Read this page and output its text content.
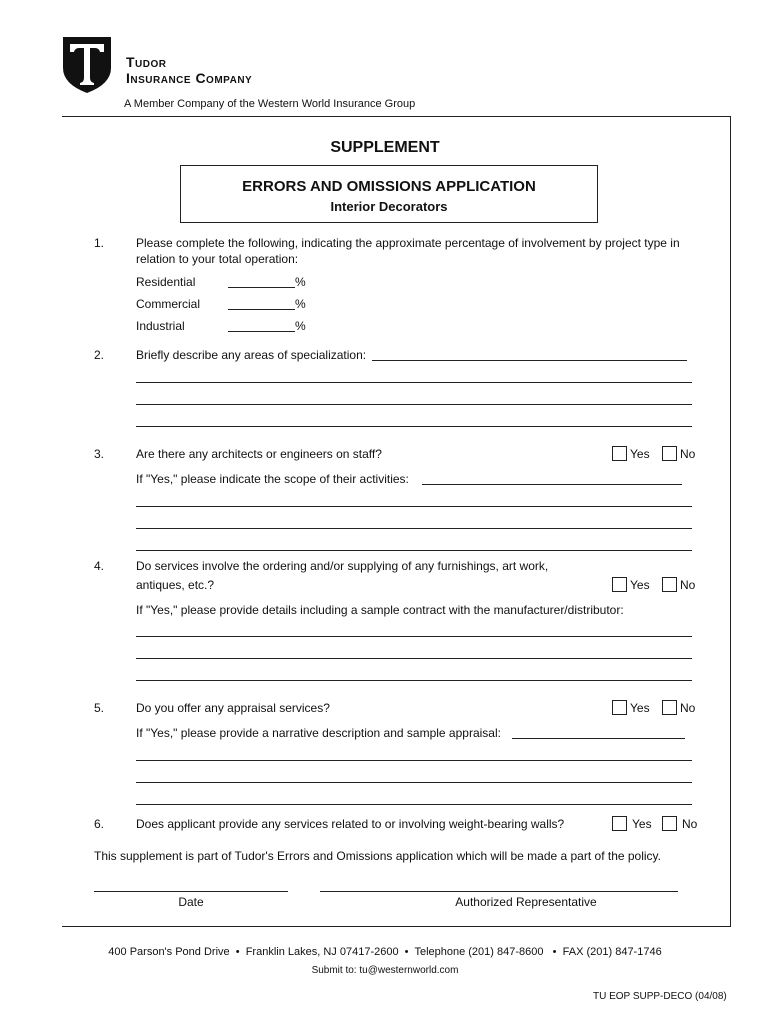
Tudor
Insurance Company
A Member Company of the Western World Insurance Group
SUPPLEMENT
ERRORS AND OMISSIONS APPLICATION
Interior Decorators
1.	Please complete the following, indicating the approximate percentage of involvement by project type in
relation to your total operation:
Residential	%
Commercial	%
Industrial	%
2.	Briefly describe any areas of specialization:
3.	Are there any architects or engineers on staff?	Yes	No
If "Yes," please indicate the scope of their activities:
4.	Do services involve the ordering and/or supplying of any furnishings, art work,
antiques, etc.?	Yes	No
If "Yes," please provide details including a sample contract with the manufacturer/distributor:
5.	Do you offer any appraisal services?	Yes	No
If "Yes," please provide a narrative description and sample appraisal:
6.	Does applicant provide any services related to or involving weight-bearing walls?	Yes	No
This supplement is part of Tudor's Errors and Omissions application which will be made a part of the policy.
Date	Authorized Representative
400 Parson's Pond Drive  •  Franklin Lakes, NJ 07417-2600  •  Telephone (201) 847-8600   •  FAX (201) 847-1746
Submit to: tu@westernworld.com
TU EOP SUPP-DECO (04/08)
